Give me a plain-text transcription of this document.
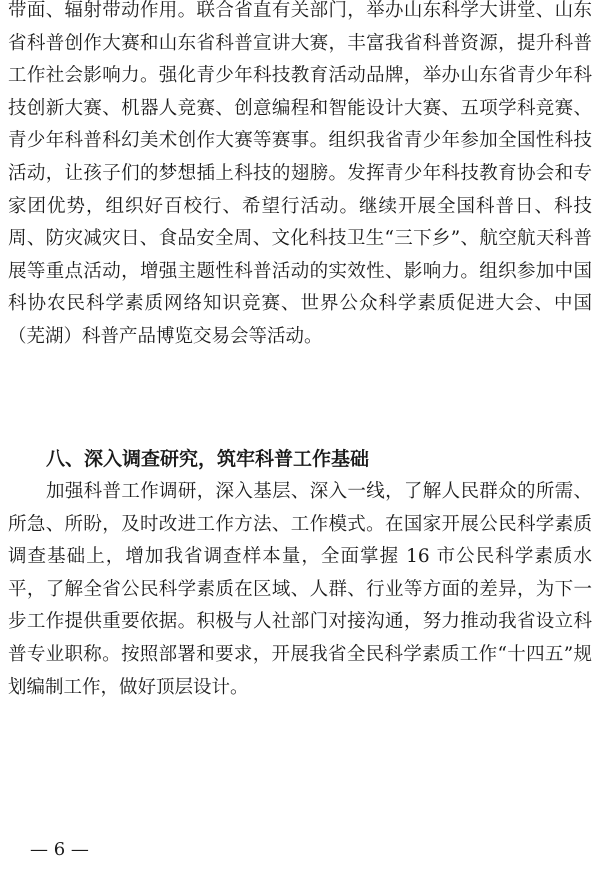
带面、辐射带动作用。联合省直有关部门，举办山东科学大讲堂、山东省科普创作大赛和山东省科普宣讲大赛，丰富我省科普资源，提升科普工作社会影响力。强化青少年科技教育活动品牌，举办山东省青少年科技创新大赛、机器人竞赛、创意编程和智能设计大赛、五项学科竞赛、青少年科普科幻美术创作大赛等赛事。组织我省青少年参加全国性科技活动，让孩子们的梦想插上科技的翅膀。发挥青少年科技教育协会和专家团优势，组织好百校行、希望行活动。继续开展全国科普日、科技周、防灾减灾日、食品安全周、文化科技卫生“三下乡”、航空航天科普展等重点活动，增强主题性科普活动的实效性、影响力。组织参加中国科协农民科学素质网络知识竞赛、世界公众科学素质促进大会、中国（芜湖）科普产品博览交易会等活动。
八、深入调查研究，筑牢科普工作基础
加强科普工作调研，深入基层、深入一线，了解人民群众的所需、所急、所盼，及时改进工作方法、工作模式。在国家开展公民科学素质调查基础上，增加我省调查样本量，全面掌握 16 市公民科学素质水平，了解全省公民科学素质在区域、人群、行业等方面的差异，为下一步工作提供重要依据。积极与人社部门对接沟通，努力推动我省设立科普专业职称。按照部署和要求，开展我省全民科学素质工作“十四五”规划编制工作，做好顶层设计。
— 6 —
